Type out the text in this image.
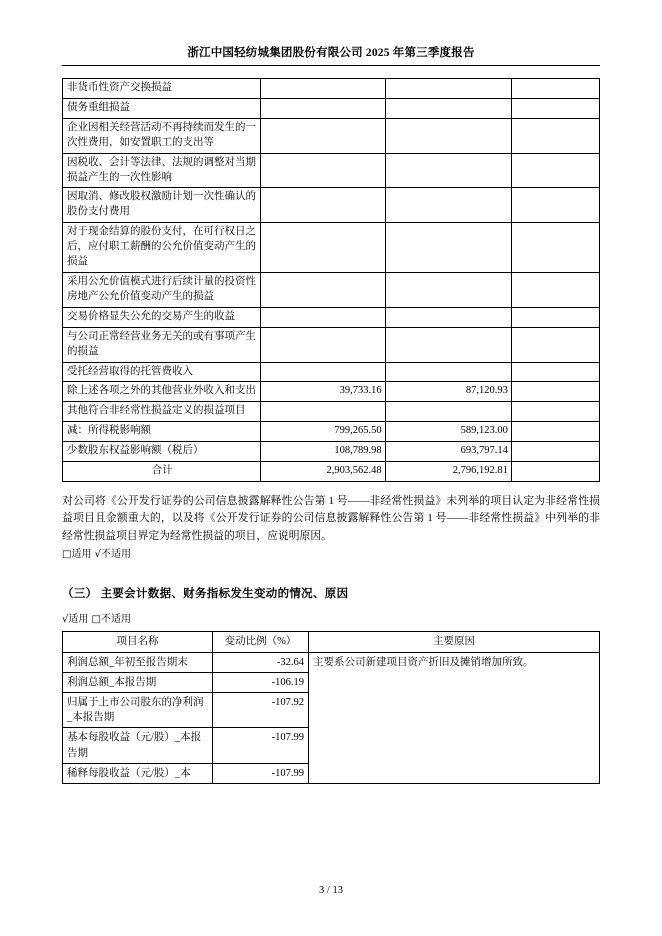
浙江中国轻纺城集团股份有限公司 2025 年第三季度报告
非货币性资产交换损益			
债务重组损益			
企业因相关经营活动不再持续而发生的一次性费用，如安置职工的支出等			
因税收、会计等法律、法规的调整对当期损益产生的一次性影响			
因取消、修改股权激励计划一次性确认的股份支付费用			
对于现金结算的股份支付，在可行权日之后，应付职工薪酬的公允价值变动产生的损益			
采用公允价值模式进行后续计量的投资性房地产公允价值变动产生的损益			
交易价格显失公允的交易产生的收益			
与公司正常经营业务无关的或有事项产生的损益			
受托经营取得的托管费收入			
除上述各项之外的其他营业外收入和支出	39,733.16	87,120.93	
其他符合非经常性损益定义的损益项目			
减：所得税影响额	799,265.50	589,123.00	
少数股东权益影响额（税后）	108,789.98	693,797.14	
合计	2,903,562.48	2,796,192.81	
对公司将《公开发行证券的公司信息披露解释性公告第 1 号——非经常性损益》未列举的项目认定为非经常性损益项目且金额重大的，以及将《公开发行证券的公司信息披露解释性公告第 1 号——非经常性损益》中列举的非经常性损益项目界定为经常性损益的项目，应说明原因。
□适用 √不适用
（三） 主要会计数据、财务指标发生变动的情况、原因
√适用 □不适用
项目名称	变动比例（%）	主要原因
利润总额_年初至报告期末	-32.64	主要系公司新建项目资产折旧及摊销增加所致。
利润总额_本报告期	-106.19	
归属于上市公司股东的净利润_本报告期	-107.92	
基本每股收益（元/股）_本报告期	-107.99	
稀释每股收益（元/股）_本	-107.99	
3 / 13
